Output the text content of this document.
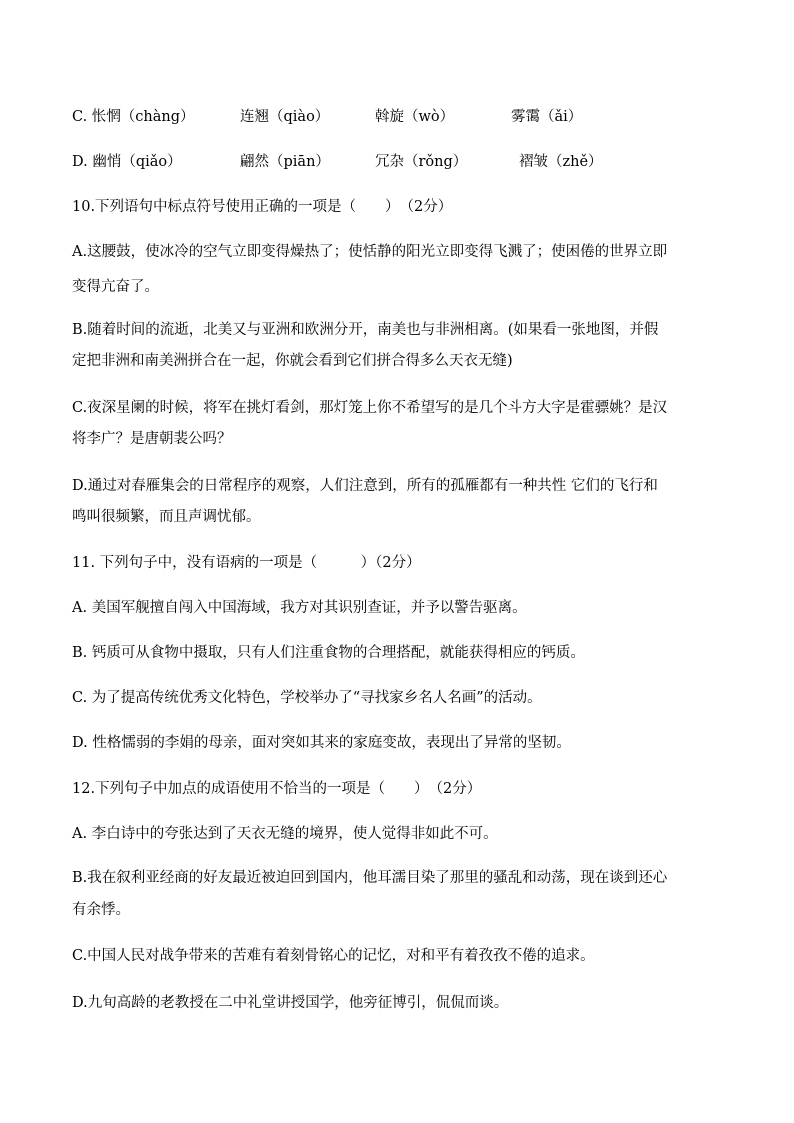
C. 怅惘（chàng）	连翘（qiào）	斡旋（wò）	雾霭（ǎi）
D. 幽悄（qiǎo）	翩然（piān）	冗杂（rǒng）	褶皱（zhě）
10.下列语句中标点符号使用正确的一项是（　　）　（2分）
A.这腰鼓，使冰冷的空气立即变得燥热了；使恬静的阳光立即变得飞溅了；使困倦的世界立即
变得亢奋了。
B.随着时间的流逝，北美又与亚洲和欧洲分开，南美也与非洲相离。(如果看一张地图，并假
定把非洲和南美洲拼合在一起，你就会看到它们拼合得多么天衣无缝)
C.夜深星阑的时候，将军在挑灯看剑，那灯笼上你不希望写的是几个斗方大字是霍骠姚？是汉
将李广？是唐朝裴公吗？
D.通过对春雁集会的日常程序的观察，人们注意到，所有的孤雁都有一种共性 它们的飞行和
鸣叫很频繁，而且声调忧郁。
11. 下列句子中，没有语病的一项是（　　　）（2分）
A. 美国军舰擅自闯入中国海域，我方对其识别查证，并予以警告驱离。
B. 钙质可从食物中摄取，只有人们注重食物的合理搭配，就能获得相应的钙质。
C. 为了提高传统优秀文化特色，学校举办了“寻找家乡名人名画”的活动。
D. 性格懦弱的李娟的母亲，面对突如其来的家庭变故，表现出了异常的坚韧。
12.下列句子中加点的成语使用不恰当的一项是（　　）　（2分）
A. 李白诗中的夸张达到了天衣无缝的境界，使人觉得非如此不可。
B.我在叙利亚经商的好友最近被迫回到国内，他耳濡目染了那里的骚乱和动荡，现在谈到还心
有余悸。
C.中国人民对战争带来的苦难有着刻骨铭心的记忆，对和平有着孜孜不倦的追求。
D.九旬高龄的老教授在二中礼堂讲授国学，他旁征博引，侃侃而谈。
